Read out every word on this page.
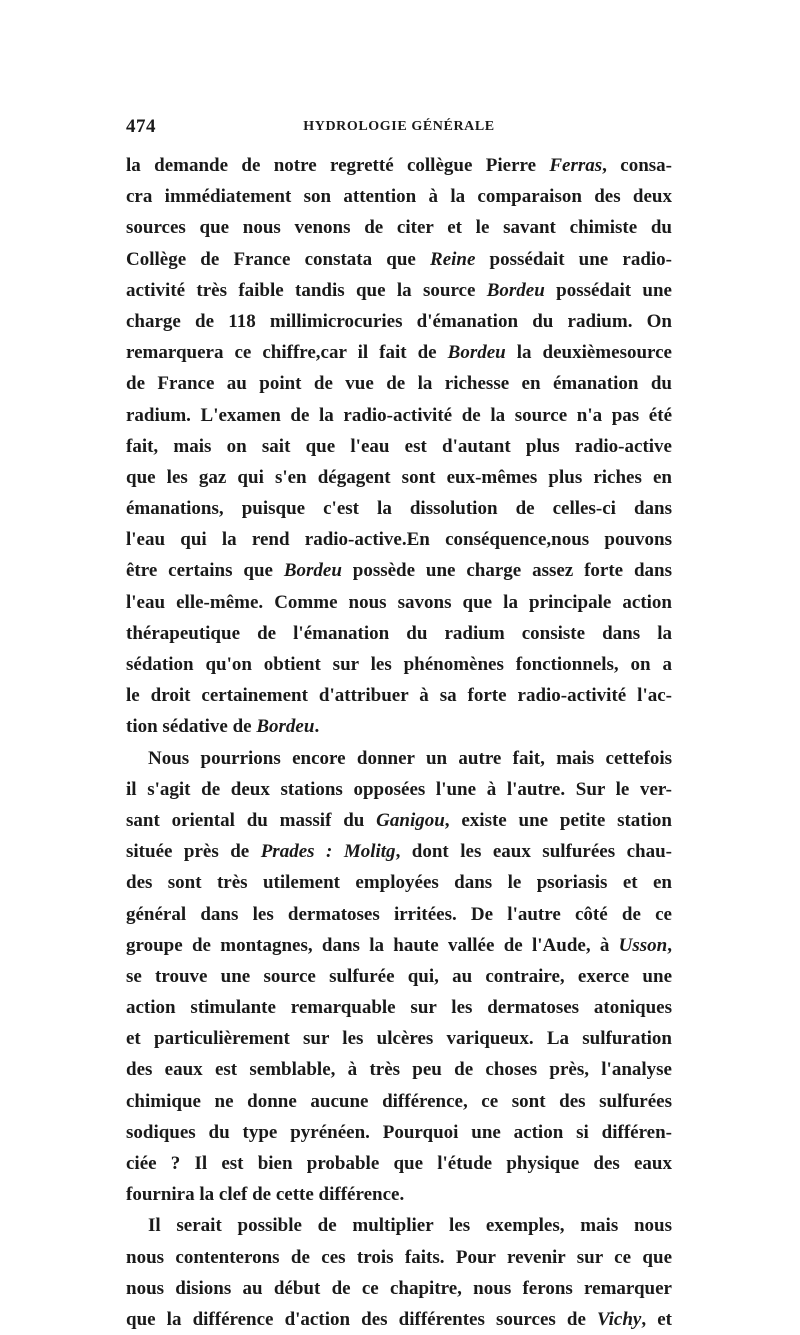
474	HYDROLOGIE GÉNÉRALE
la demande de notre regretté collègue Pierre Ferras, consa-
cra immédiatement son attention à la comparaison des deux
sources que nous venons de citer et le savant chimiste du
Collège de France constata que Reine possédait une radio-
activité très faible tandis que la source Bordeu possédait une
charge de 118 millimicrocuries d'émanation du radium. On
remarquera ce chiffre,car il fait de Bordeu la deuxièmesource
de France au point de vue de la richesse en émanation du
radium. L'examen de la radio-activité de la source n'a pas été
fait, mais on sait que l'eau est d'autant plus radio-active
que les gaz qui s'en dégagent sont eux-mêmes plus riches en
émanations, puisque c'est la dissolution de celles-ci dans
l'eau qui la rend radio-active.En conséquence,nous pouvons
être certains que Bordeu possède une charge assez forte dans
l'eau elle-même. Comme nous savons que la principale action
thérapeutique de l'émanation du radium consiste dans la
sédation qu'on obtient sur les phénomènes fonctionnels, on a
le droit certainement d'attribuer à sa forte radio-activité l'ac-
tion sédative de Bordeu.
Nous pourrions encore donner un autre fait, mais cettefois
il s'agit de deux stations opposées l'une à l'autre. Sur le ver-
sant oriental du massif du Ganigou, existe une petite station
située près de Prades : Molitg, dont les eaux sulfurées chau-
des sont très utilement employées dans le psoriasis et en
général dans les dermatoses irritées. De l'autre côté de ce
groupe de montagnes, dans la haute vallée de l'Aude, à Usson,
se trouve une source sulfurée qui, au contraire, exerce une
action stimulante remarquable sur les dermatoses atoniques
et particulièrement sur les ulcères variqueux. La sulfuration
des eaux est semblable, à très peu de choses près, l'analyse
chimique ne donne aucune différence, ce sont des sulfurées
sodiques du type pyrénéen. Pourquoi une action si différen-
ciée ? Il est bien probable que l'étude physique des eaux
fournira la clef de cette différence.
Il serait possible de multiplier les exemples, mais nous
nous contenterons de ces trois faits. Pour revenir sur ce que
nous disions au début de ce chapitre, nous ferons remarquer
que la différence d'action des différentes sources de Vichy, et
